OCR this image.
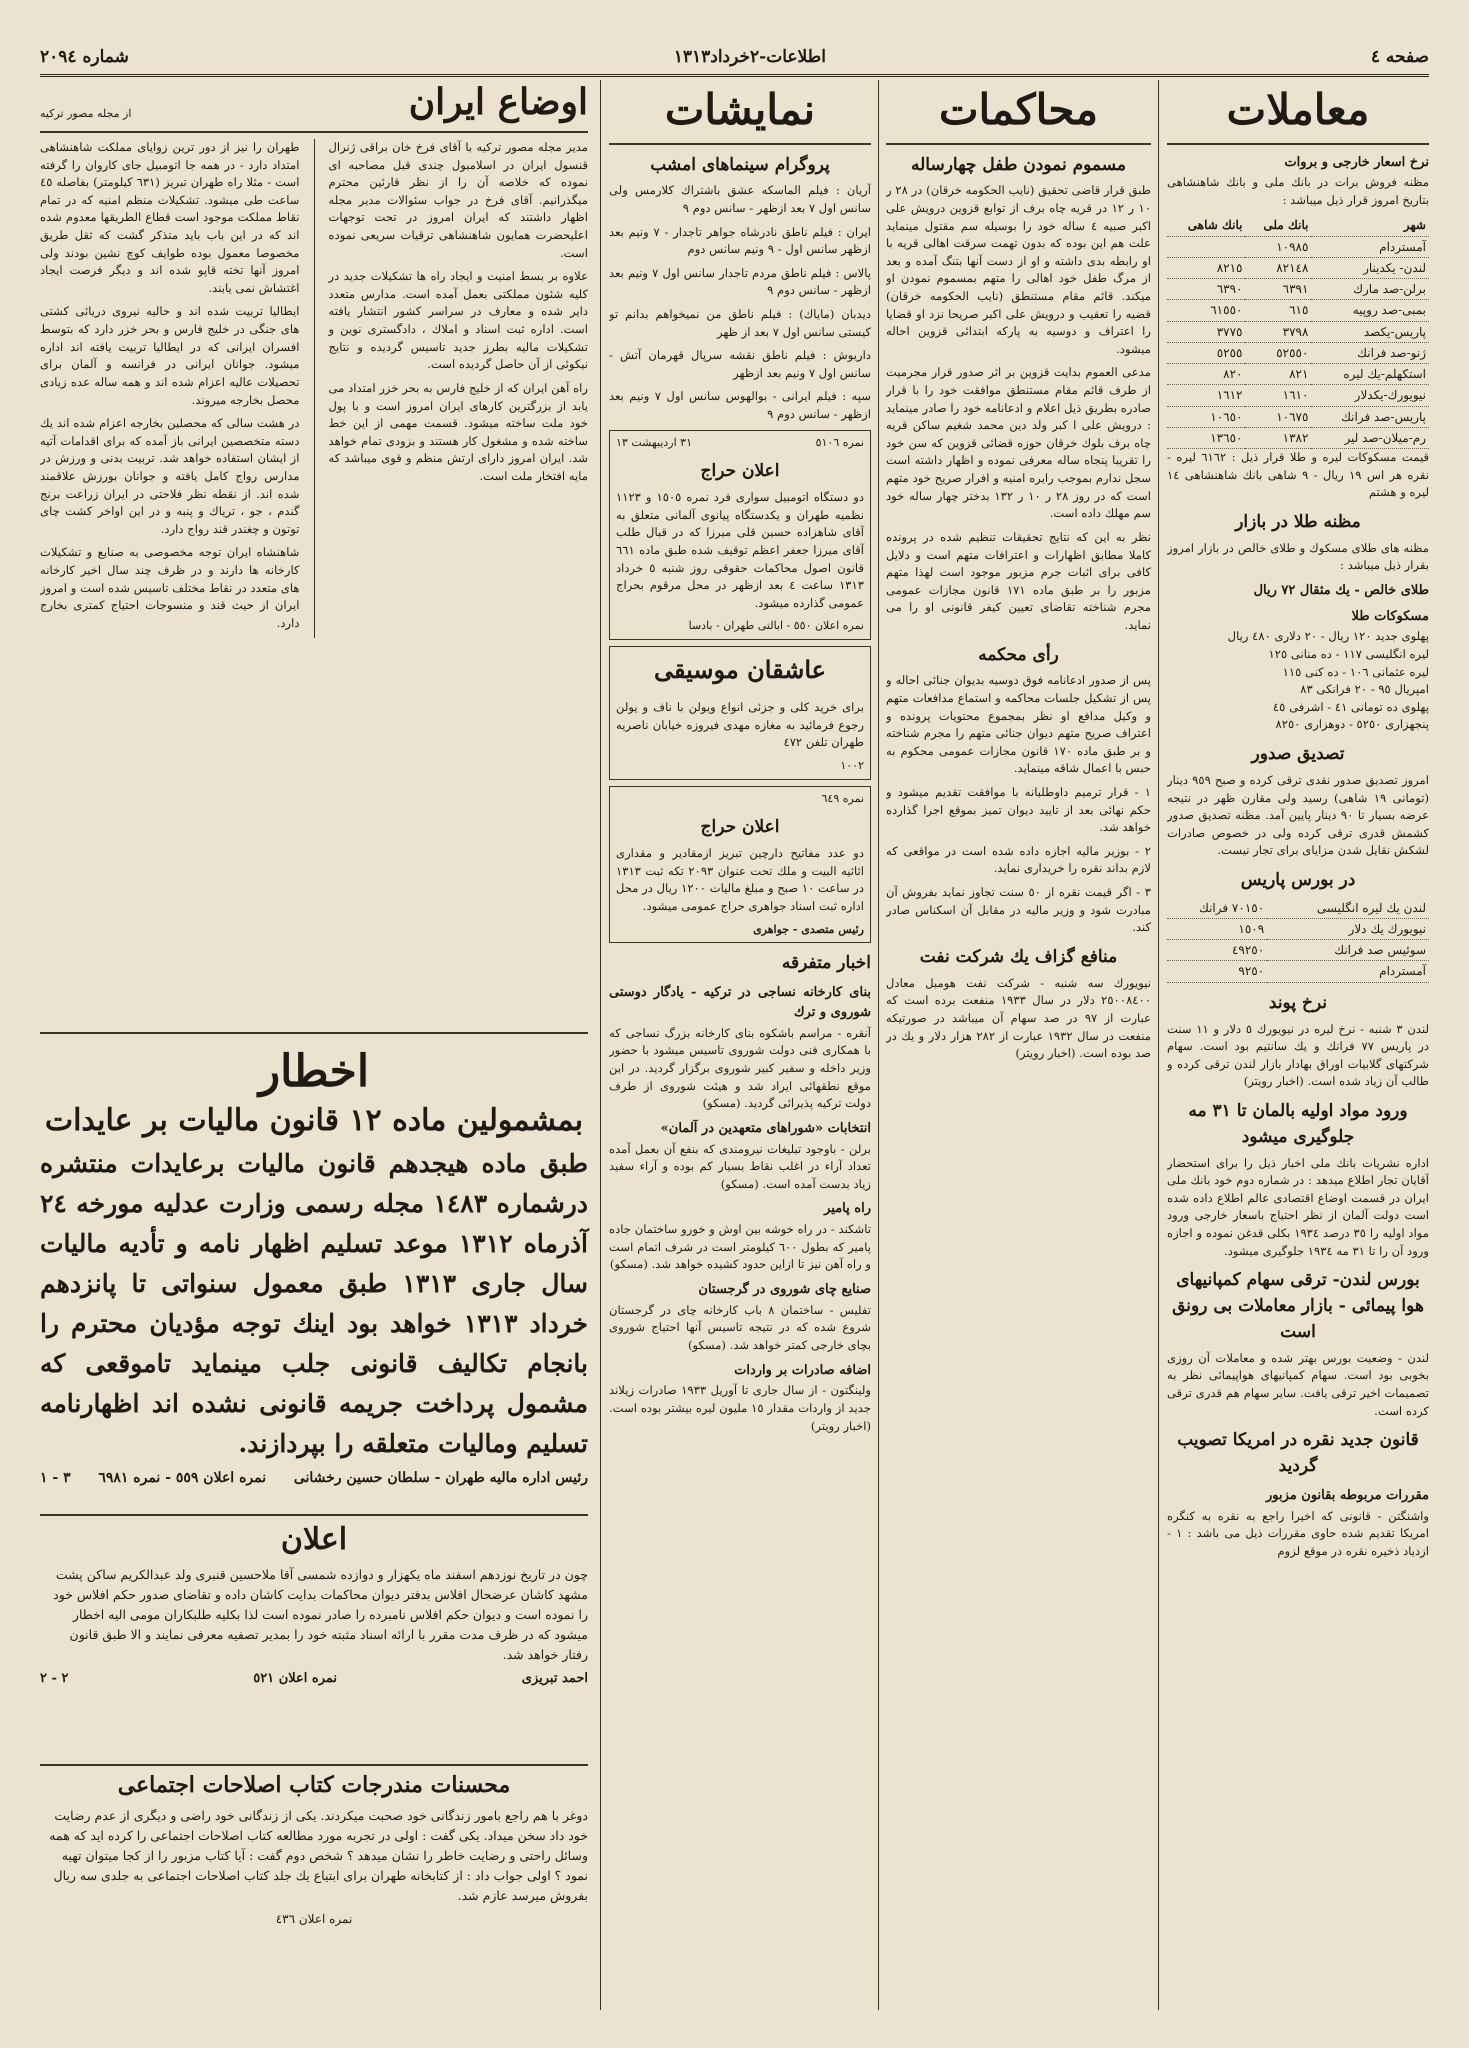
صفحه ٤
اطلاعات-٢خرداد١٣١٣
شماره ٢٠٩٤
معاملات
نرخ اسعار خارجی و بروات

مظنه فروش برات در بانك ملی و بانك شاهنشاهی بتاریخ امروز قرار ذیل میباشد :

شهر	بانك ملی	بانك شاهی
آمستردام	١٠٩٨٥	
لندن- یکدینار	٨٢١٤٨	٨٢١٥
برلن-صد مارك	٦٣٩١	٦٣٩٠
بمبی-صد روپیه	٦١٥	٦١٥٥٠
پاریس-یکصد	٣٧٩٨	٣٧٧٥
ژنو-صد فرانك	٥٢٥٥٠	٥٢٥٥
استکهلم-یك لیره	٨٢١	٨٢٠
نیویورك-یکدلار	١٦١٠	١٦١٢
پاریس-صد فرانك	١٠٦٧٥	١٠٦٥٠
رم-میلان-صد لیر	١٣٨٢	١٣٦٥٠

قیمت مسکوکات لیره و طلا قرار ذیل : ٦١٦٢ لیره - نقره هر اس ١٩ ریال - ٩ شاهی بانك شاهنشاهی ١٤ لیره و هشتم

مظنه طلا در بازار

مظنه های طلای مسکوك و طلای خالص در بازار امروز بقرار ذیل میباشد :

طلای خالص - یك مثقال ٧٢ ریال
مسکوکات طلا
پهلوی جدید ١٢٠ ریال - ٢٠ دلاری ٤٨٠ ریال
لیره انگلیسی ١١٧ - ده منانی ١٢٥
لیره عثمانی ١٠٦ - ده کنی ١١٥
امپریال ٩٥ - ٢٠ فرانکی ٨٣
پهلوی ده تومانی ٤١ - اشرفی ٤٥
پنجهزاری ٥٢٥٠ - دوهزاری ٨٢٥٠
تصدیق صدور

امروز تصدیق صدور نقدی ترقی کرده و صبح ٩٥٩ دینار (تومانی ١٩ شاهی) رسید ولی مقارن ظهر در نتیجه عرضه بسیار تا ٩٠ دینار پایین آمد. مظنه تصدیق صدور کشمش قدری ترقی کرده ولی در خصوص صادرات لشکش نقایل شدن مزایای برای تجار نیست.

در بورس پاریس
لندن یك لیره انگلیسی	٧٠١٥٠ فرانك
نیویورك یك دلار	١٥٠٩
سوئیس صد فرانك	٤٩٢٥٠
آمستردام	٩٢٥٠
نرخ پوند

لندن ٣ شنبه - نرخ لیره در نیویورك ٥ دلار و ١١ سنت در پاریس ٧٧ فرانك و یك سانتیم بود است. سهام شرکتهای گلابیات اوراق بهادار بازار لندن ترقی کرده و طالب آن زیاد شده است. (اخبار رویتر)

ورود مواد اولیه بالمان تا ٣١ مه جلوگیری میشود

اداره نشریات بانك ملی اخبار ذیل را برای استحضار آقایان تجار اطلاع میدهد : در شماره دوم خود بانك ملی ایران در قسمت اوضاع اقتصادی عالم اطلاع داده شده است دولت آلمان از نظر احتیاج باسعار خارجی ورود مواد اولیه را ٣٥ درصد ١٩٣٤ بکلی قدغن نموده و اجازه ورود آن را تا ٣١ مه ١٩٣٤ جلوگیری میشود.

بورس لندن- ترقی سهام کمپانیهای هوا پیمائی - بازار معاملات بی رونق است

لندن - وضعیت بورس بهتر شده و معاملات آن روزی بخوبی بود است. سهام کمپانیهای هواپیمائی نظر به تصمیمات اخیر ترقی یافت. سایر سهام هم قدری ترقی کرده است.

قانون جدید نقره در امریکا تصویب گردید
مقررات مربوطه بقانون مزبور

واشنگتن - قانونی که اخیرا راجع به نقره به کنگره امریکا تقدیم شده حاوی مقررات ذیل می باشد : ١ - ازدیاد ذخیره نقره در موقع لزوم

محاکمات
مسموم نمودن طفل چهارساله

طبق قرار قاضی تحقیق (نایب الحکومه خرقان) در ٢٨ ر ١٠ ر ١٢ در قریه چاه برف از توابع قزوین درویش علی اکبر صبیه ٤ ساله خود را بوسیله سم مقتول مینماید علت هم این بوده که بدون تهمت سرقت اهالی قریه با او رابطه بدی داشته و او از دست آنها بتنگ آمده و بعد از مرگ طفل خود اهالی را متهم بمسموم نمودن او میکند. قائم مقام مستنطق (نایب الحکومه خرقان) قضیه را تعقیب و درویش علی اکبر صریحا نزد او قضایا را اعتراف و دوسیه به پارکه ابتدائی قزوین احاله میشود.

مدعی العموم بدایت قزوین بر اثر صدور قرار مجرمیت از طرف قائم مقام مستنطق موافقت خود را با قرار صادره بطریق ذیل اعلام و ادعانامه خود را صادر مینماید : درویش علی ا کبر ولد دین محمد شغیم ساکن قریه چاه برف بلوك خرقان حوزه قضائی قزوین که سن خود را تقریبا پنجاه ساله معرفی نموده و اظهار داشته است سجل ندارم بموجب رایره امنیه و افرار صریح خود متهم است که در روز ٢٨ ر ١٠ ر ١٣٢ بدختر چهار ساله خود سم مهلك داده است.

نظر به این که نتایج تحقیقات تنظیم شده در پرونده کاملا مطابق اظهارات و اعترافات متهم است و دلایل کافی برای اثبات جرم مزبور موجود است لهذا متهم مزبور را بر طبق ماده ١٧١ قانون مجازات عمومی مجرم شناخته تقاضای تعیین کیفر قانونی او را می نماید.

رأی محکمه

پس از صدور ادعانامه فوق دوسیه بدیوان جنائی احاله و پس از تشکیل جلسات محاکمه و استماع مدافعات متهم و وکیل مدافع او نظر بمجموع محتویات پرونده و اعتراف صریح متهم دیوان جنائی متهم را مجرم شناخته و بر طبق ماده ١٧٠ قانون مجازات عمومی محکوم به حبس با اعمال شاقه مینماید.

١ - قرار ترمیم داوطلبانه با موافقت تقدیم میشود و حکم نهائی بعد از تایید دیوان تمیز بموقع اجرا گذارده خواهد شد.

٢ - بوزیر مالیه اجازه داده شده است در مواقعی که لازم بداند نقره را خریداری نماید.

٣ - اگر قیمت نقره از ٥٠ سنت تجاوز نماید بفروش آن مبادرت شود و وزیر مالیه در مقابل آن اسکناس صادر کند.

منافع گزاف یك شرکت نفت

نیویورك سه شنبه - شرکت نفت هومبل معادل ٢٥٠٠٨٤٠٠ دلار در سال ١٩٣٣ منفعت برده است که عبارت از ٩٧ در صد سهام آن میباشد در صورتیکه منفعت در سال ١٩٣٢ عبارت از ٢٨٢ هزار دلار و یك در صد بوده است. (اخبار رویتر)

نمایشات
پروگرام سینماهای امشب

آریان : فیلم الماسکه عشق باشتراك کلارمس ولی سانس اول ٧ بعد ازظهر - سانس دوم ٩

ایران : فیلم ناطق نادرشاه جواهر تاجدار - ٧ ونیم بعد ازظهر سانس اول - ٩ ونیم سانس دوم

پالاس : فیلم ناطق مردم تاجدار سانس اول ٧ ونیم بعد ازظهر - سانس دوم ٩

دیدبان (مایاك) : فیلم ناطق من نمیخواهم بدانم تو کیستی سانس اول ٧ بعد از ظهر

داریوش : فیلم ناطق نقشه سرپال قهرمان آتش - سانس اول ٧ ونیم بعد ازظهر

سپه : فیلم ایرانی - بوالهوس سانس اول ٧ ونیم بعد ازظهر - سانس دوم ٩

نمره ٥١٠٦
٣١ اردیبهشت ١٣
اعلان حراج

دو دستگاه اتومبیل سواری فرد نمره ١٥٠٥ و ١١٢٣ نظمیه طهران و یکدستگاه پیانوی آلمانی متعلق به آقای شاهزاده حسین قلی میرزا که در قبال طلب آقای میرزا جعفر اعظم توقیف شده طبق ماده ٦٦١ قانون اصول محاکمات حقوقی روز شنبه ٥ خرداد ١٣١٣ ساعت ٤ بعد ازظهر در محل مرقوم بحراج عمومی گذارده میشود.

نمره اعلان ٥٥٠ - ابالتی طهران - بادسا
عاشقان موسیقی

برای خرید کلی و جزئی انواع ویولن با ناف و یولن رجوع فرمائید به مغازه مهدی فیروزه خیابان ناصریه طهران تلفن ٤٧٢

١٠٠٢
نمره ٦٤٩
اعلان حراج

دو عدد مفاتیح دارچین تبریز ازمقادیر و مقداری اثاثیه البیت و ملك تحت عنوان ٢٠٩٣ تکه ثبت ١٣١٣ در ساعت ١٠ صبح و مبلغ مالیات ١٢٠٠ ریال در محل اداره ثبت اسناد جواهری حراج عمومی میشود.

رئیس متصدی - جواهری
اخبار متفرقه
بنای کارخانه نساجی در ترکیه - یادگار دوستی شوروی و ترك

آنقره - مراسم باشکوه بنای کارخانه بزرگ نساجی که با همکاری فنی دولت شوروی تاسیس میشود با حضور وزیر داخله و سفیر کبیر شوروی برگزار گردید. در این موقع نطقهائی ایراد شد و هیئت شوروی از طرف دولت ترکیه پذیرائی گردید. (مسکو)

انتخابات «شوراهای متعهدین در آلمان»

برلن - باوجود تبلیغات نیرومندی که بنفع آن بعمل آمده تعداد آراء در اغلب نقاط بسیار کم بوده و آراء سفید زیاد بدست آمده است. (مسکو)

راه پامیر

تاشکند - در راه خوشه بین اوش و خورو ساختمان جاده پامیر که بطول ٦٠٠ کیلومتر است در شرف اتمام است و راه آهن نیز تا ازاین حدود کشیده خواهد شد. (مسکو)

صنایع چای شوروی در گرجستان

تفلیس - ساختمان ٨ باب کارخانه چای در گرجستان شروع شده که در نتیجه تاسیس آنها احتیاج شوروی بچای خارجی کمتر خواهد شد. (مسکو)

اضافه صادرات بر واردات

ولینگتون - از سال جاری تا آوریل ١٩٣٣ صادرات زیلاند جدید از واردات مقدار ١٥ ملیون لیره بیشتر بوده است. (اخبار رویتر)

اوضاع ایران
از مجله مصور ترکیه

مدیر مجله مصور ترکیه با آقای فرخ خان براقی ژنرال قنسول ایران در اسلامبول چندی قبل مصاحبه ای نموده که خلاصه آن را از نظر قارئین محترم میگذرانیم. آقای فرخ در جواب سئوالات مدیر مجله اظهار داشتند که ایران امروز در تحت توجهات اعلیحضرت همایون شاهنشاهی ترقیات سریعی نموده است.

علاوه بر بسط امنیت و ایجاد راه ها تشکیلات جدید در کلیه شئون مملکتی بعمل آمده است. مدارس متعدد دایر شده و معارف در سراسر کشور انتشار یافته است. اداره ثبت اسناد و املاك ، دادگستری نوین و تشکیلات مالیه بطرز جدید تاسیس گردیده و نتایج نیکوئی از آن حاصل گردیده است.

راه آهن ایران که از خلیج فارس به بحر خزر امتداد می یابد از بزرگترین کارهای ایران امروز است و با پول خود ملت ساخته میشود. قسمت مهمی از این خط ساخته شده و مشغول کار هستند و بزودی تمام خواهد شد. ایران امروز دارای ارتش منظم و قوی میباشد که مایه افتخار ملت است.

طهران را نیز از دور ترین زوایای مملکت شاهنشاهی امتداد دارد - در همه جا اتومبیل جای کاروان را گرفته است - مثلا راه طهران تبریز (٦٣١ کیلومتر) بفاصله ٤٥ ساعت طی میشود. تشکیلات منظم امنیه که در تمام نقاط مملکت موجود است قطاع الطریقها معدوم شده اند که در این باب باید متذکر گشت که ثقل طریق مخصوصا معمول بوده طوایف کوچ نشین بودند ولی امروز آنها تخته قاپو شده اند و دیگر فرصت ایجاد اغتشاش نمی یابند.

ایطالیا تربیت شده اند و حالیه نیروی دریائی کشتی های جنگی در خلیج فارس و بحر خزر دارد که بتوسط افسران ایرانی که در ایطالیا تربیت یافته اند اداره میشود. جوانان ایرانی در فرانسه و آلمان برای تحصیلات عالیه اعزام شده اند و همه ساله عده زیادی محصل بخارجه میروند.

در هشت سالی که محصلین بخارجه اعزام شده اند یك دسته متخصصین ایرانی باز آمده که برای اقدامات آتیه از ایشان استفاده خواهد شد. تربیت بدنی و ورزش در مدارس رواج کامل یافته و جوانان بورزش علاقمند شده اند. از نقطه نظر فلاحتی در ایران زراعت برنج گندم ، جو ، تریاك و پنبه و در این اواخر کشت چای توتون و چغندر قند رواج دارد.

شاهنشاه ایران توجه مخصوصی به صنایع و تشکیلات کارخانه ها دارند و در ظرف چند سال اخیر کارخانه های متعدد در نقاط مختلف تاسیس شده است و امروز ایران از حیث قند و منسوجات احتیاج کمتری بخارج دارد.

اخطار
بمشمولین ماده ١٢ قانون مالیات بر عایدات
طبق ماده هیجدهم قانون مالیات برعایدات منتشره درشماره ١٤٨٣ مجله رسمی وزارت عدلیه مورخه ٢٤ آذرماه ١٣١٢ موعد تسلیم اظهار نامه و تأدیه مالیات سال جاری ١٣١٣ طبق معمول سنواتی تا پانزدهم خرداد ١٣١٣ خواهد بود اینك توجه مؤدیان محترم را بانجام تکالیف قانونی جلب مینماید تاموقعی که مشمول پرداخت جریمه قانونی نشده اند اظهارنامه تسلیم ومالیات متعلقه را بپردازند.
رئیس اداره مالیه طهران - سلطان حسین رخشانی
نمره اعلان ٥٥٩ - نمره ٦٩٨١
٣ - ١
اعلان

چون در تاریخ نوزدهم اسفند ماه یکهزار و دوازده شمسی آقا ملاحسین قنبری ولد عبدالکریم ساکن پشت مشهد کاشان عرضحال افلاس بدفتر دیوان محاکمات بدایت کاشان داده و تقاضای صدور حکم افلاس خود را نموده است و دیوان حکم افلاس نامبرده را صادر نموده است لذا بکلیه طلبکاران مومی الیه اخطار میشود که در ظرف مدت مقرر با ارائه اسناد مثبته خود را بمدیر تصفیه معرفی نمایند و الا طبق قانون رفتار خواهد شد.

احمد تبریزی
نمره اعلان ٥٢١
٢ - ٢
محسنات مندرجات کتاب اصلاحات اجتماعی

دوغر با هم راجع بامور زندگانی خود صحبت میکردند. یکی از زندگانی خود راضی و دیگری از عدم رضایت خود داد سخن میداد. یکی گفت : اولی در تجربه مورد مطالعه کتاب اصلاحات اجتماعی را کرده اید که همه وسائل راحتی و رضایت خاطر را نشان میدهد ؟ شخص دوم گفت : آیا کتاب مزبور را از کجا میتوان تهیه نمود ؟ اولی جواب داد : از کتابخانه طهران برای ابتیاع یك جلد کتاب اصلاحات اجتماعی به جلدی سه ریال بفروش میرسد عازم شد.

نمره اعلان ٤٣٦
